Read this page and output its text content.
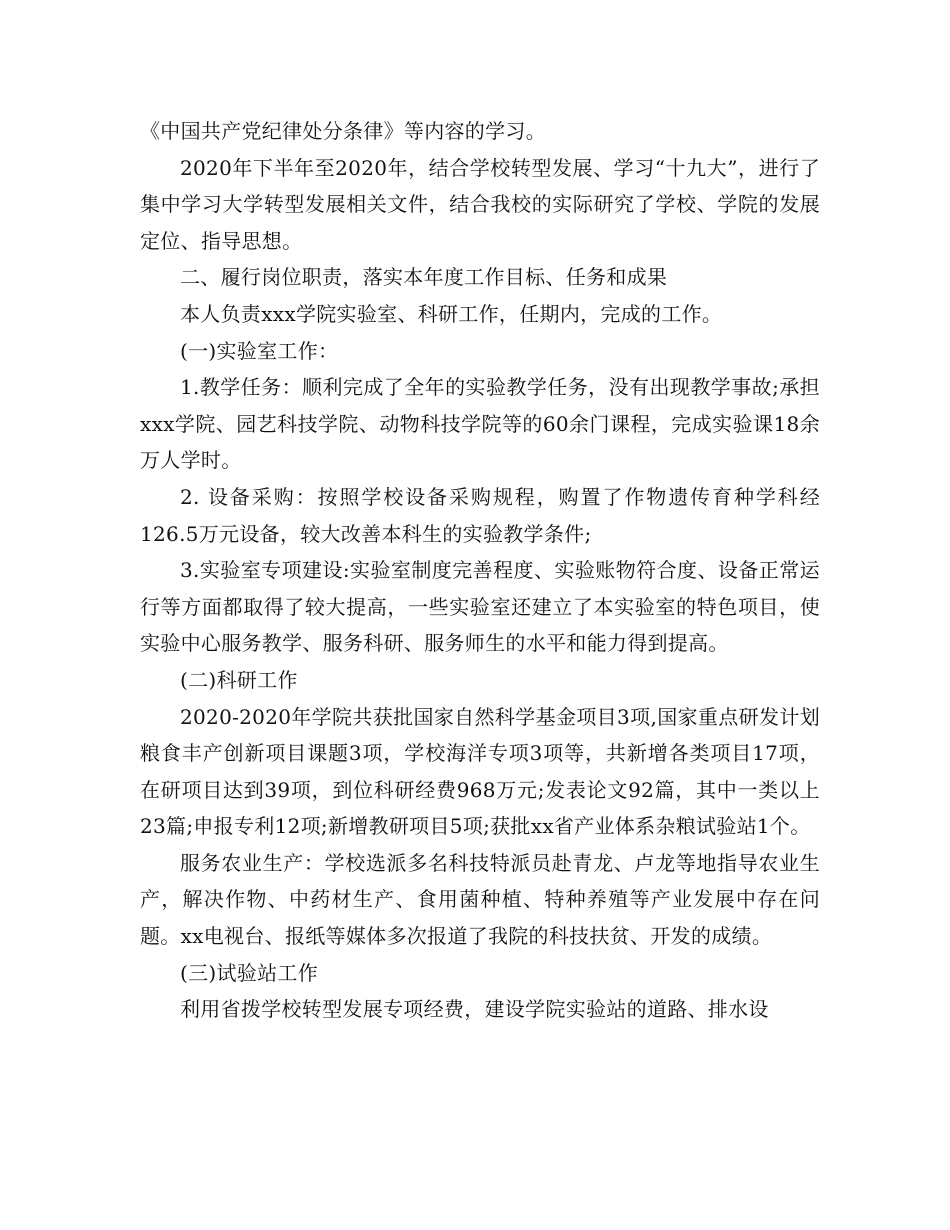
《中国共产党纪律处分条律》等内容的学习。

2020年下半年至2020年，结合学校转型发展、学习“十九大”，进行了集中学习大学转型发展相关文件，结合我校的实际研究了学校、学院的发展定位、指导思想。

二、履行岗位职责，落实本年度工作目标、任务和成果

本人负责xxx学院实验室、科研工作，任期内，完成的工作。

(一)实验室工作：

1.教学任务：顺利完成了全年的实验教学任务，没有出现教学事故;承担xxx学院、园艺科技学院、动物科技学院等的60余门课程，完成实验课18余万人学时。

2. 设备采购：按照学校设备采购规程，购置了作物遗传育种学科经126.5万元设备，较大改善本科生的实验教学条件;

3.实验室专项建设:实验室制度完善程度、实验账物符合度、设备正常运行等方面都取得了较大提高，一些实验室还建立了本实验室的特色项目，使实验中心服务教学、服务科研、服务师生的水平和能力得到提高。

(二)科研工作

2020-2020年学院共获批国家自然科学基金项目3项,国家重点研发计划粮食丰产创新项目课题3项，学校海洋专项3项等，共新增各类项目17项，在研项目达到39项，到位科研经费968万元;发表论文92篇，其中一类以上23篇;申报专利12项;新增教研项目5项;获批xx省产业体系杂粮试验站1个。

服务农业生产：学校选派多名科技特派员赴青龙、卢龙等地指导农业生产，解决作物、中药材生产、食用菌种植、特种养殖等产业发展中存在问题。xx电视台、报纸等媒体多次报道了我院的科技扶贫、开发的成绩。

(三)试验站工作

利用省拨学校转型发展专项经费，建设学院实验站的道路、排水设
